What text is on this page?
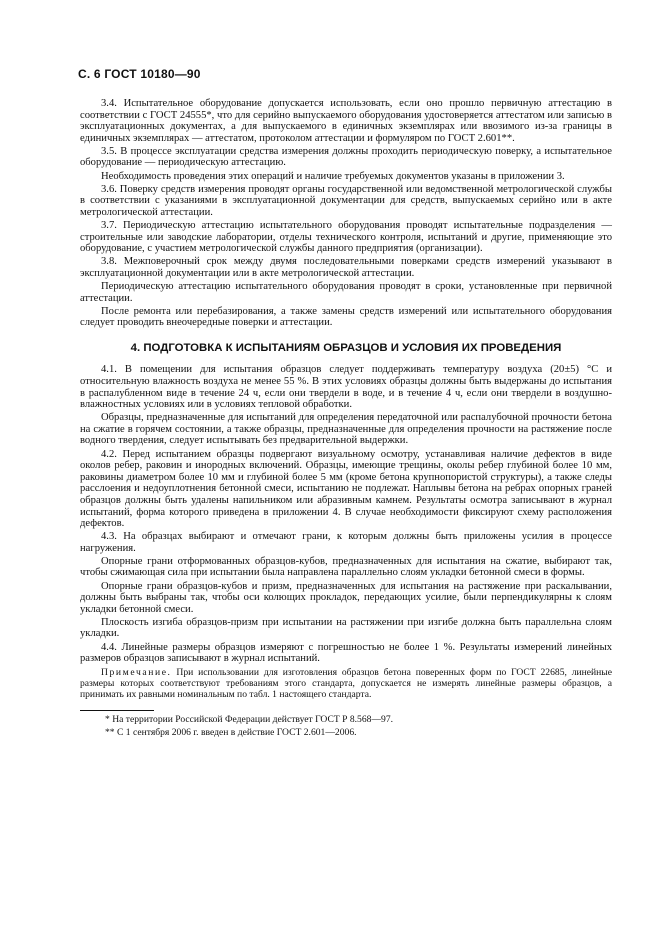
С. 6 ГОСТ 10180—90

3.4. Испытательное оборудование допускается использовать, если оно прошло первичную аттестацию в соответствии с ГОСТ 24555*, что для серийно выпускаемого оборудования удостоверяется аттестатом или записью в эксплуатационных документах, а для выпускаемого в единичных экземплярах или ввозимого из-за границы в единичных экземплярах — аттестатом, протоколом аттестации и формуляром по ГОСТ 2.601**.

3.5. В процессе эксплуатации средства измерения должны проходить периодическую поверку, а испытательное оборудование — периодическую аттестацию.

Необходимость проведения этих операций и наличие требуемых документов указаны в приложении 3.

3.6. Поверку средств измерения проводят органы государственной или ведомственной метрологической службы в соответствии с указаниями в эксплуатационной документации для средств, выпускаемых серийно или в акте метрологической аттестации.

3.7. Периодическую аттестацию испытательного оборудования проводят испытательные подразделения — строительные или заводские лаборатории, отделы технического контроля, испытаний и другие, применяющие это оборудование, с участием метрологической службы данного предприятия (организации).

3.8. Межповерочный срок между двумя последовательными поверками средств измерений указывают в эксплуатационной документации или в акте метрологической аттестации.

Периодическую аттестацию испытательного оборудования проводят в сроки, установленные при первичной аттестации.

После ремонта или перебазирования, а также замены средств измерений или испытательного оборудования следует проводить внеочередные поверки и аттестации.

4. ПОДГОТОВКА К ИСПЫТАНИЯМ ОБРАЗЦОВ И УСЛОВИЯ ИХ ПРОВЕДЕНИЯ

4.1. В помещении для испытания образцов следует поддерживать температуру воздуха (20±5) °С и относительную влажность воздуха не менее 55 %. В этих условиях образцы должны быть выдержаны до испытания в распалубленном виде в течение 24 ч, если они твердели в воде, и в течение 4 ч, если они твердели в воздушно-влажностных условиях или в условиях тепловой обработки.

Образцы, предназначенные для испытаний для определения передаточной или распалубочной прочности бетона на сжатие в горячем состоянии, а также образцы, предназначенные для определения прочности на растяжение после водного твердения, следует испытывать без предварительной выдержки.

4.2. Перед испытанием образцы подвергают визуальному осмотру, устанавливая наличие дефектов в виде околов ребер, раковин и инородных включений. Образцы, имеющие трещины, околы ребер глубиной более 10 мм, раковины диаметром более 10 мм и глубиной более 5 мм (кроме бетона крупнопористой структуры), а также следы расслоения и недоуплотнения бетонной смеси, испытанию не подлежат. Наплывы бетона на ребрах опорных граней образцов должны быть удалены напильником или абразивным камнем. Результаты осмотра записывают в журнал испытаний, форма которого приведена в приложении 4. В случае необходимости фиксируют схему расположения дефектов.

4.3. На образцах выбирают и отмечают грани, к которым должны быть приложены усилия в процессе нагружения.

Опорные грани отформованных образцов-кубов, предназначенных для испытания на сжатие, выбирают так, чтобы сжимающая сила при испытании была направлена параллельно слоям укладки бетонной смеси в формы.

Опорные грани образцов-кубов и призм, предназначенных для испытания на растяжение при раскалывании, должны быть выбраны так, чтобы оси колющих прокладок, передающих усилие, были перпендикулярны к слоям укладки бетонной смеси.

Плоскость изгиба образцов-призм при испытании на растяжении при изгибе должна быть параллельна слоям укладки.

4.4. Линейные размеры образцов измеряют с погрешностью не более 1 %. Результаты измерений линейных размеров образцов записывают в журнал испытаний.

Примечание. При использовании для изготовления образцов бетона поверенных форм по ГОСТ 22685, линейные размеры которых соответствуют требованиям этого стандарта, допускается не измерять линейные размеры образцов, а принимать их равными номинальным по табл. 1 настоящего стандарта.

* На территории Российской Федерации действует ГОСТ Р 8.568—97.

** С 1 сентября 2006 г. введен в действие ГОСТ 2.601—2006.
